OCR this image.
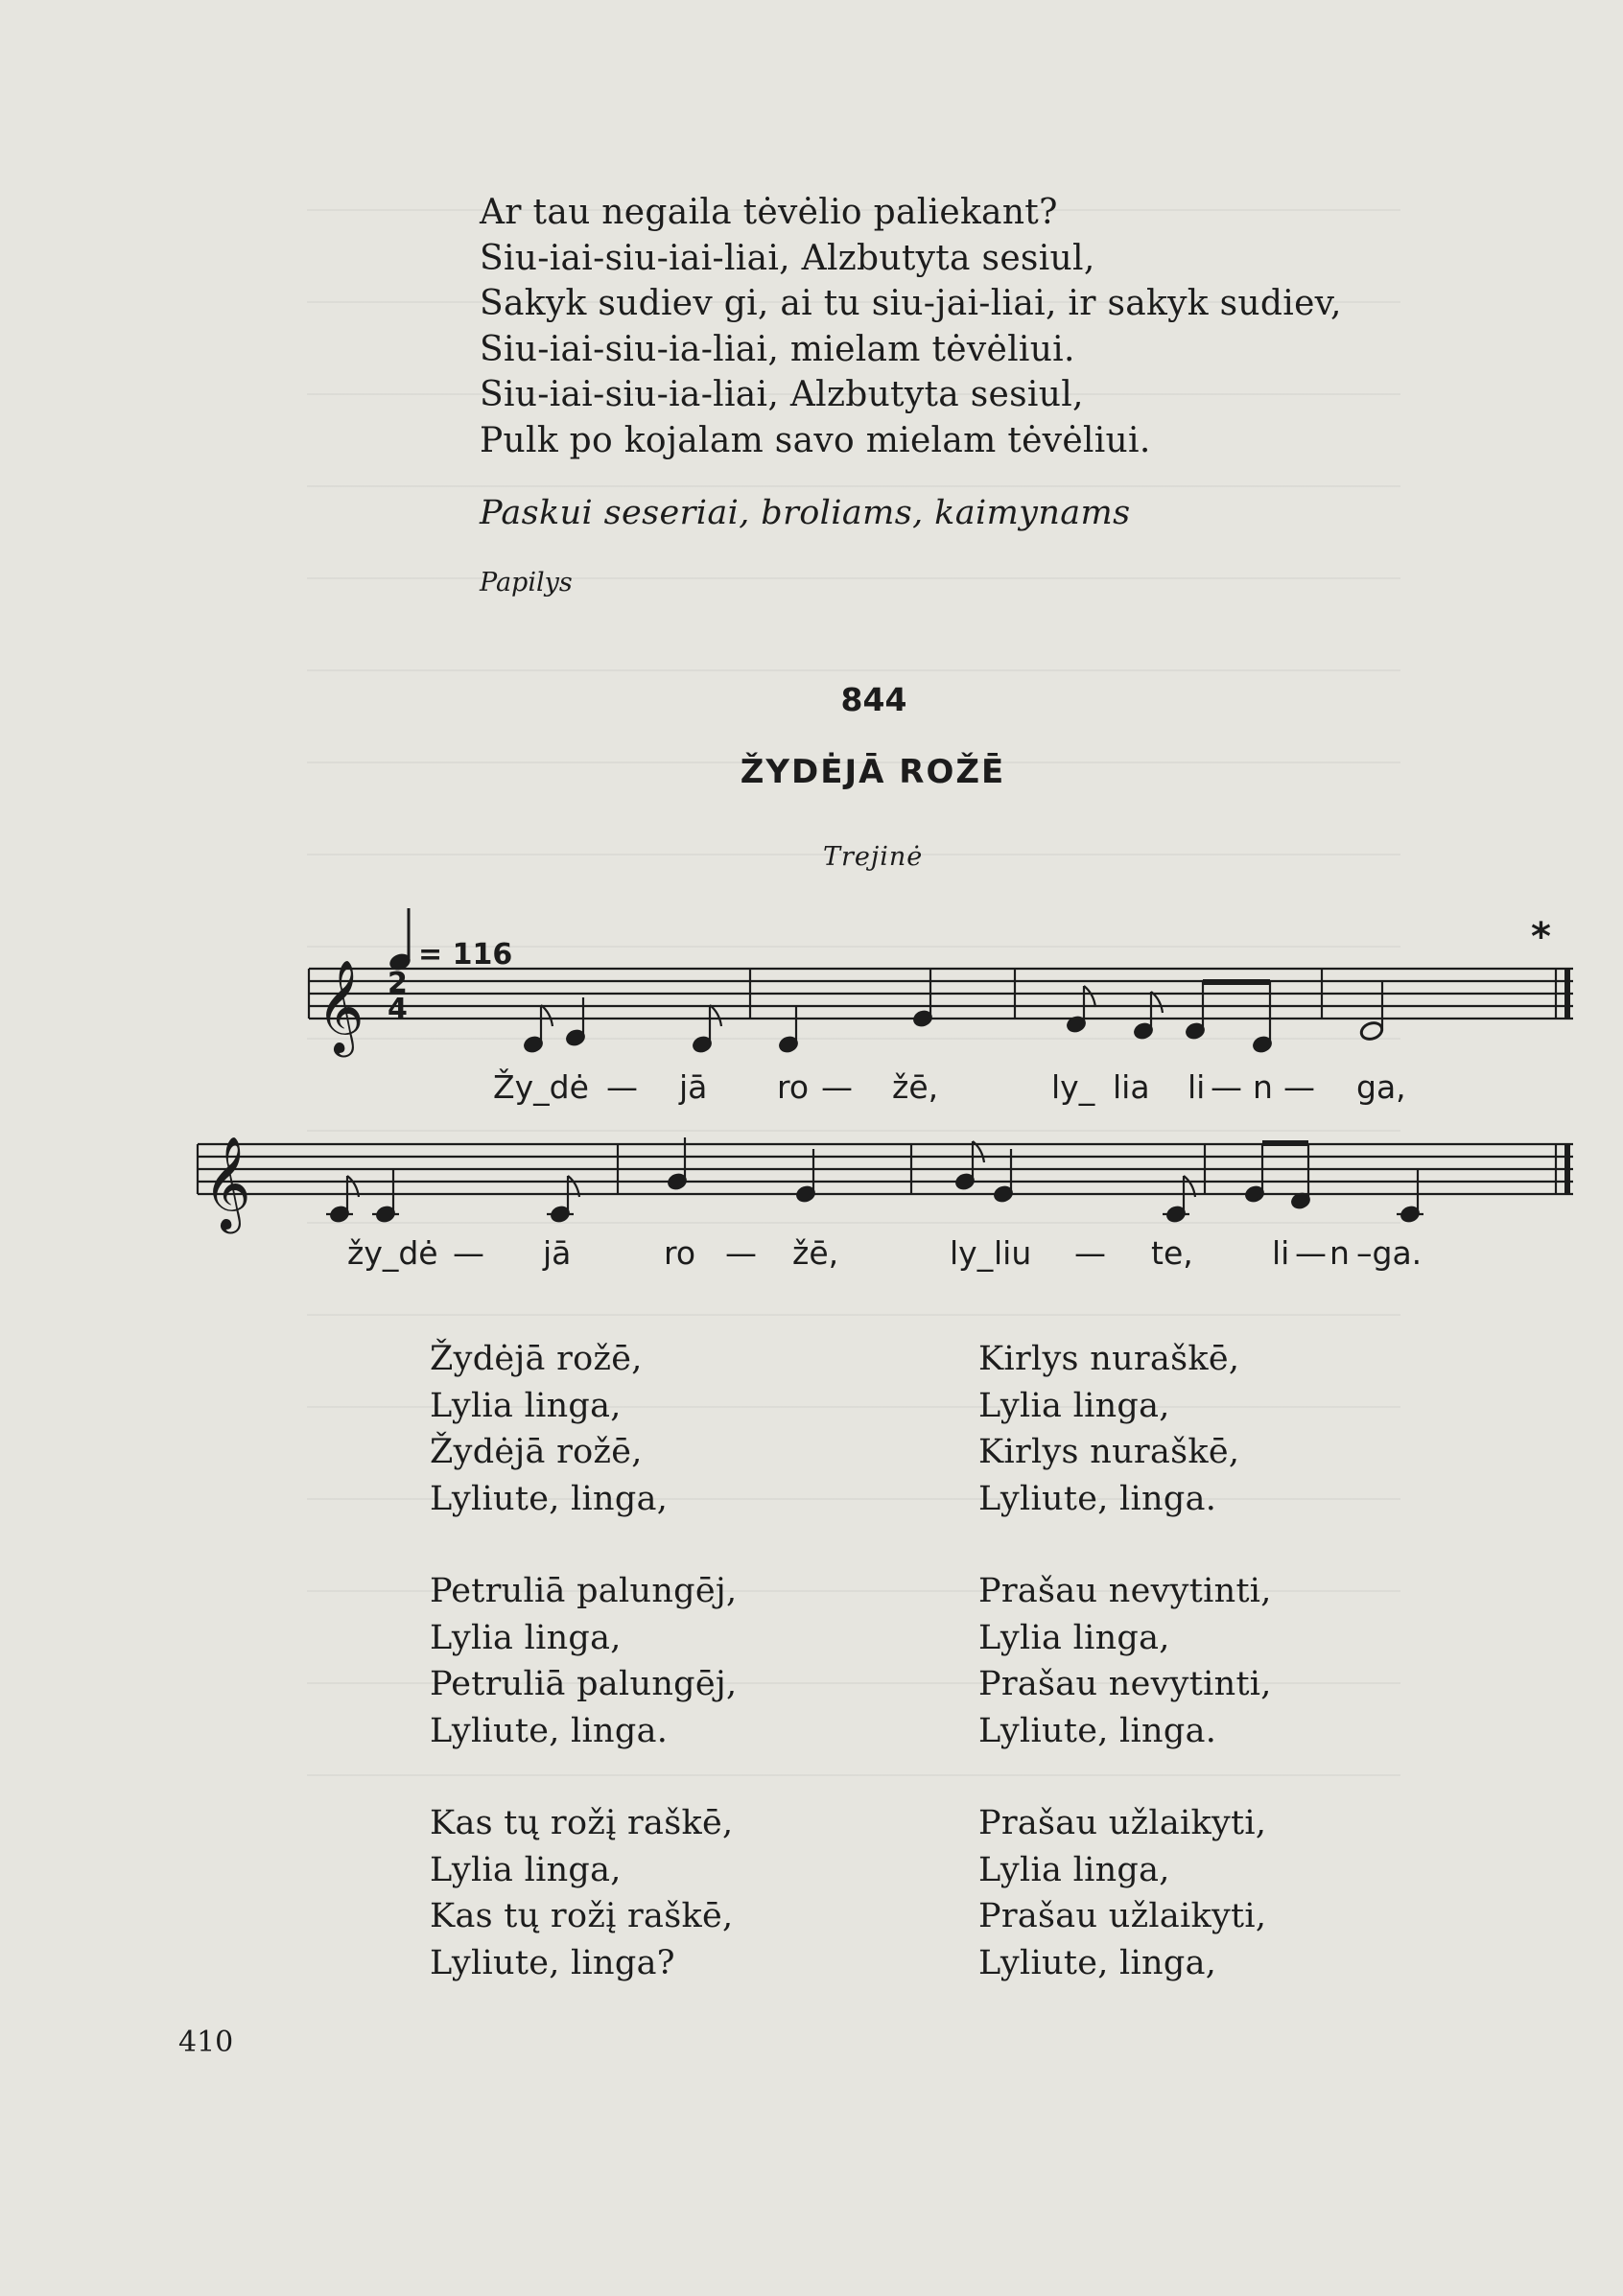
Ar tau negaila tėvėlio paliekant?
Siu-iai-siu-iai-liai, Alzbutyta sesiul,
Sakyk sudiev gi, ai tu siu-jai-liai, ir sakyk sudiev,
Siu-iai-siu-ia-liai, mielam tėvėliui.
Siu-iai-siu-ia-liai, Alzbutyta sesiul,
Pulk po kojalam savo mielam tėvėliui.
Paskui seseriai, broliams, kaimynams
Papilys
844
ŽYDĖJĀ ROŽĒ
Trejinė
= 116
𝄞 2
4
*
Žy_dė — jā ro — žē,	ly_ lia li — n — ga,
𝄞
žy_dė — jā	ro — žē,	ly_ liu — te, li — n –ga.
Žydėjā rožē,
Lylia linga,
Žydėjā rožē,
Lyliute, linga,
Kirlys nuraškē,
Lylia linga,
Kirlys nuraškē,
Lyliute, linga.
Petruliā palungēj,
Lylia linga,
Petruliā palungēj,
Lyliute, linga.
Prašau nevytinti,
Lylia linga,
Prašau nevytinti,
Lyliute, linga.
Kas tų rožį raškē,
Lylia linga,
Kas tų rožį raškē,
Lyliute, linga?
Prašau užlaikyti,
Lylia linga,
Prašau užlaikyti,
Lyliute, linga,
410
